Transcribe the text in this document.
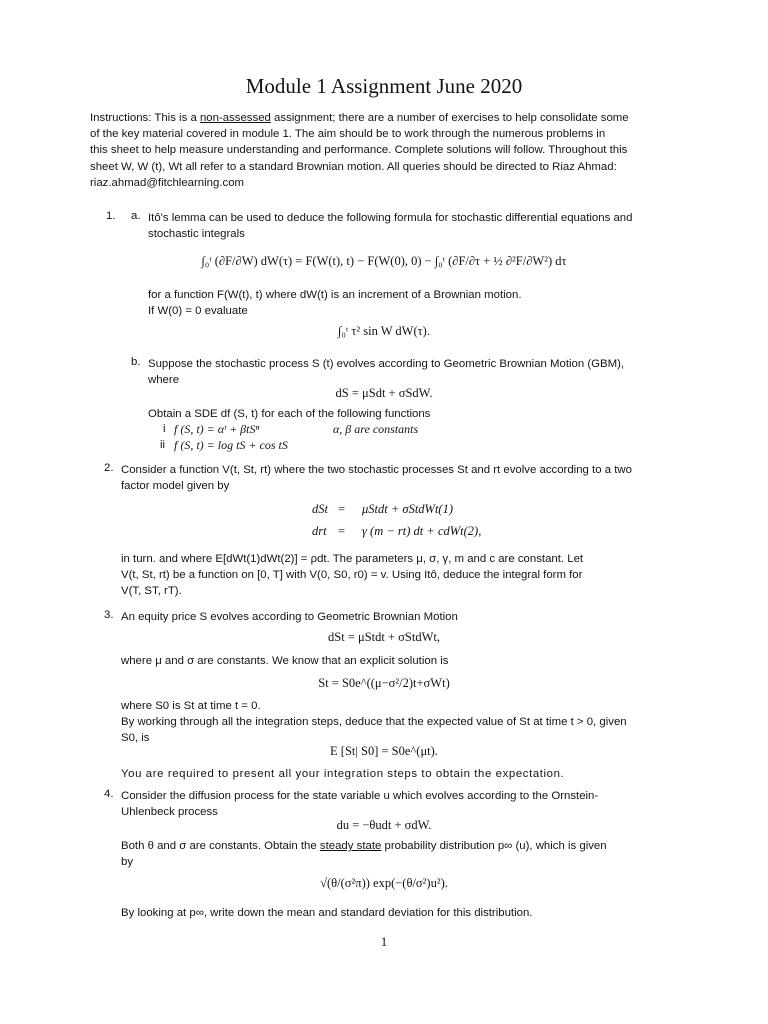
Module 1 Assignment June 2020
Instructions: This is a non-assessed assignment; there are a number of exercises to help consolidate some
of the key material covered in module 1. The aim should be to work through the numerous problems in
this sheet to help measure understanding and performance. Complete solutions will follow. Throughout this
sheet W, W (t), Wt all refer to a standard Brownian motion. All queries should be directed to Riaz Ahmad:
riaz.ahmad@fitchlearning.com
1. a. Itô's lemma can be used to deduce the following formula for stochastic differential equations and
stochastic integrals
∫₀ᵗ (∂F/∂W) dW(τ) = F(W(t), t) − F(W(0), 0) − ∫₀ᵗ (∂F/∂τ + ½ ∂²F/∂W²) dτ
for a function F(W(t), t) where dW(t) is an increment of a Brownian motion.
If W(0) = 0 evaluate
∫₀ᵗ τ² sin W dW(τ).
b. Suppose the stochastic process S (t) evolves according to Geometric Brownian Motion (GBM),
where
dS = μSdt + σSdW.
Obtain a SDE df (S, t) for each of the following functions
i f (S, t) = αᵗ + βtSⁿ	α, β are constants
ii f (S, t) = log tS + cos tS
2. Consider a function V(t, St, rt) where the two stochastic processes St and rt evolve according to a two
factor model given by
dSt = μStdt + σStdWt(1)
drt = γ (m − rt) dt + cdWt(2),
in turn. and where E[dWt(1)dWt(2)] = ρdt. The parameters μ, σ, γ, m and c are constant. Let
V(t, St, rt) be a function on [0, T] with V(0, S0, r0) = v. Using Itô, deduce the integral form for
V(T, ST, rT).
3. An equity price S evolves according to Geometric Brownian Motion
dSt = μStdt + σStdWt,
where μ and σ are constants. We know that an explicit solution is
St = S0e^((μ−σ²/2)t+σWt)
where S0 is St at time t = 0.
By working through all the integration steps, deduce that the expected value of St at time t > 0, given
S0, is
E [St| S0] = S0e^(μt).
You are required to present all your integration steps to obtain the expectation.
4. Consider the diffusion process for the state variable u which evolves according to the Ornstein-
Uhlenbeck process
du = −θudt + σdW.
Both θ and σ are constants. Obtain the steady state probability distribution p∞ (u), which is given
by
√(θ/(σ²π)) exp(−(θ/σ²)u²).
By looking at p∞, write down the mean and standard deviation for this distribution.
1
